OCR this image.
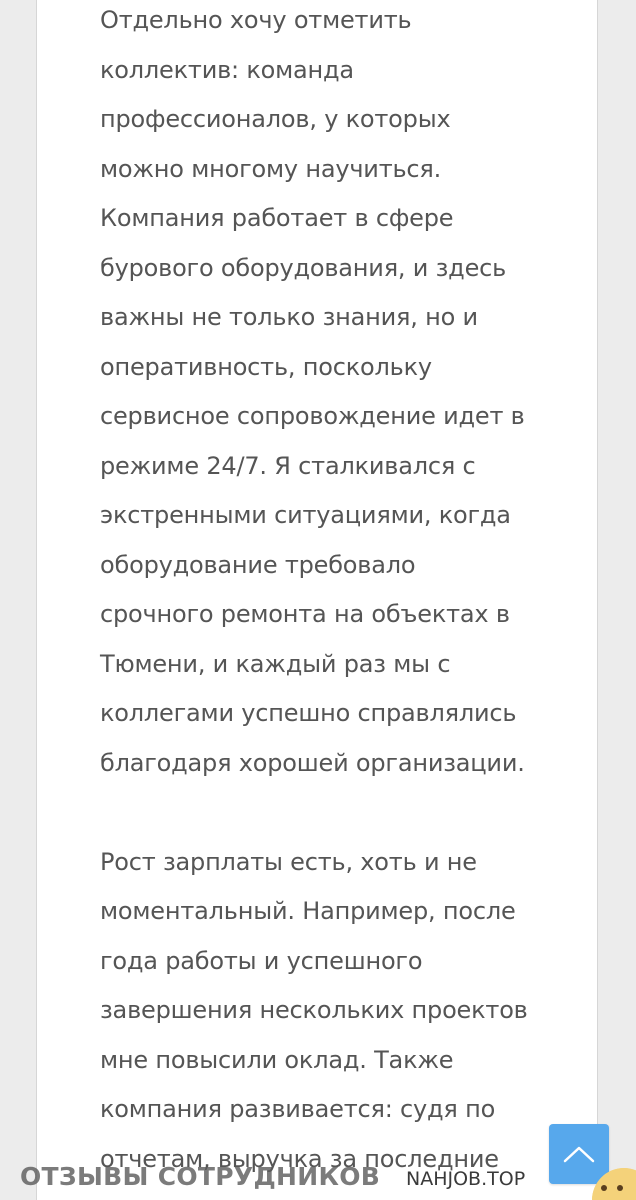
Отдельно хочу отметить
коллектив: команда
профессионалов, у которых
можно многому научиться.
Компания работает в сфере
бурового оборудования, и здесь
важны не только знания, но и
оперативность, поскольку
сервисное сопровождение идет в
режиме 24/7. Я сталкивался с
экстренными ситуациями, когда
оборудование требовало
срочного ремонта на объектах в
Тюмени, и каждый раз мы с
коллегами успешно справлялись
благодаря хорошей организации.

Рост зарплаты есть, хоть и не
моментальный. Например, после
года работы и успешного
завершения нескольких проектов
мне повысили оклад. Также
компания развивается: судя по
отчетам, выручка за последние

ОТЗЫВЫ СОТРУДНИКОВ NAHJOB.TOP
